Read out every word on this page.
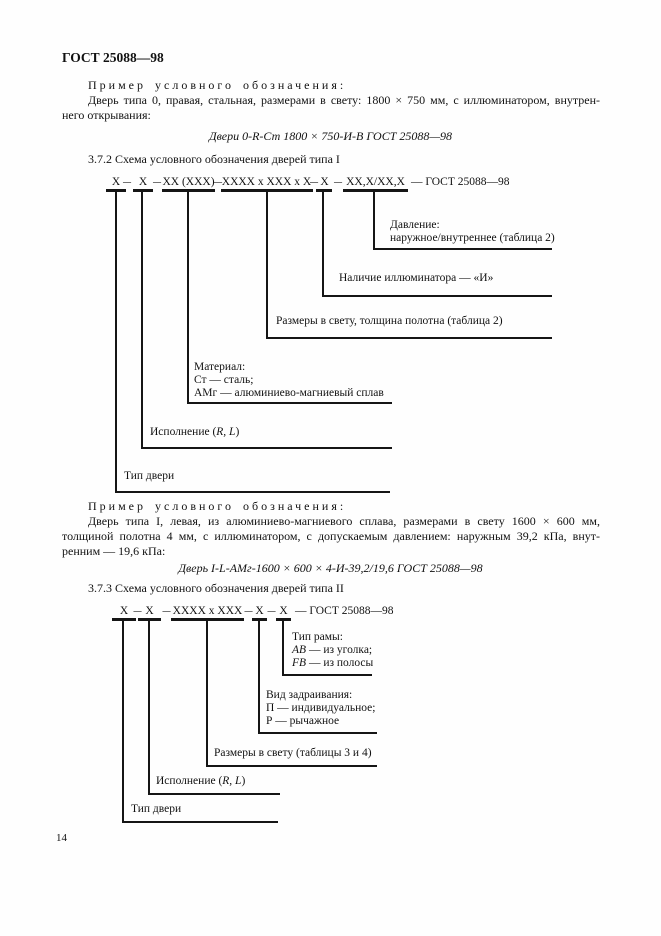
ГОСТ 25088—98
Пример условного обозначения:
Дверь типа 0, правая, стальная, размерами в свету: 1800 × 750 мм, с иллюминатором, внутрен-
него открывания:
Двери 0-R-Ст 1800 × 750-И-В ГОСТ 25088—98
3.7.2 Схема условного обозначения дверей типа I
Х — Х — ХХ (ХХХ) — ХХХХ х ХХХ х Х
— Х — ХХ,Х/ХХ,Х — ГОСТ 25088—98
Давление:
наружное/внутреннее (таблица 2)
Наличие иллюминатора — «И»
Размеры в свету, толщина полотна (таблица 2)
Материал:
Ст — сталь;
АМг — алюминиево-магниевый сплав
Исполнение (R, L)
Тип двери
Пример условного обозначения:
Дверь типа I, левая, из алюминиево-магниевого сплава, размерами в свету 1600 × 600 мм,
толщиной полотна 4 мм, с иллюминатором, с допускаемым давлением: наружным 39,2 кПа, внут-
ренним — 19,6 кПа:
Дверь I-L-АМг-1600 × 600 × 4-И-39,2/19,6 ГОСТ 25088—98
3.7.3 Схема условного обозначения дверей типа II
Х — Х — ХХХХ х ХХХ — Х — Х — ГОСТ 25088—98
Тип рамы:
AB — из уголка;
FB — из полосы
Вид задраивания:
П — индивидуальное;
Р — рычажное
Размеры в свету (таблицы 3 и 4)
Исполнение (R, L)
Тип двери
14
